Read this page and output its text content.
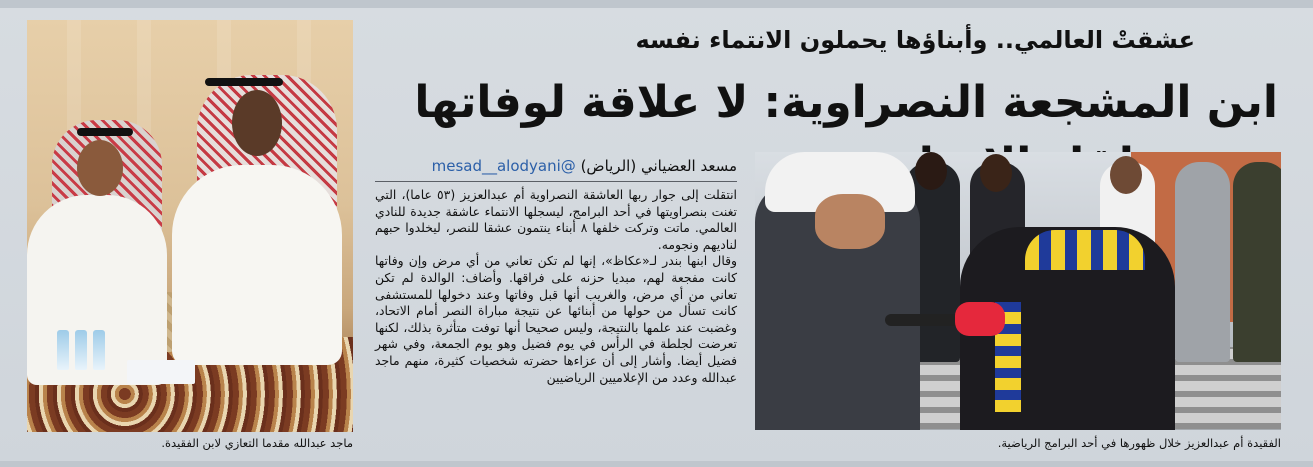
عشقتْ العالمي.. وأبناؤها يحملون الانتماء نفسه
ابن المشجعة النصراوية: لا علاقة لوفاتها
مسعد العضياني (الرياض) @mesad__alodyani

انتقلت إلى جوار ربها العاشقة النصراوية أم عبدالعزيز (٥٣ عاما)، التي تغنت بنصراويتها في أحد البرامج، ليسجلها الانتماء عاشقة جديدة للنادي العالمي. ماتت وتركت خلفها ٨ أبناء ينتمون عشقا للنصر، ليخلدوا حبهم لناديهم ونجومه.

وقال ابنها بندر لـ«عكاظ»، إنها لم تكن تعاني من أي مرض وإن وفاتها كانت مفجعة لهم، مبديا حزنه على فراقها. وأضاف: الوالدة لم تكن تعاني من أي مرض، والغريب أنها قبل وفاتها وعند دخولها للمستشفى كانت تسأل من حولها من أبنائها عن نتيجة مباراة النصر أمام الاتحاد، وغضبت عند علمها بالنتيجة، وليس صحيحا أنها توفت متأثرة بذلك، لكنها تعرضت لجلطة في الرأس في يوم فضيل وهو يوم الجمعة، وفي شهر فضيل أيضا. وأشار إلى أن عزاءها حضرته شخصيات كثيرة، منهم ماجد عبدالله وعدد من الإعلاميين الرياضيين

ماجد عبدالله مقدما التعازي لابن الفقيدة.	الفقيدة أم عبدالعزيز خلال ظهورها في أحد البرامج الرياضية.
